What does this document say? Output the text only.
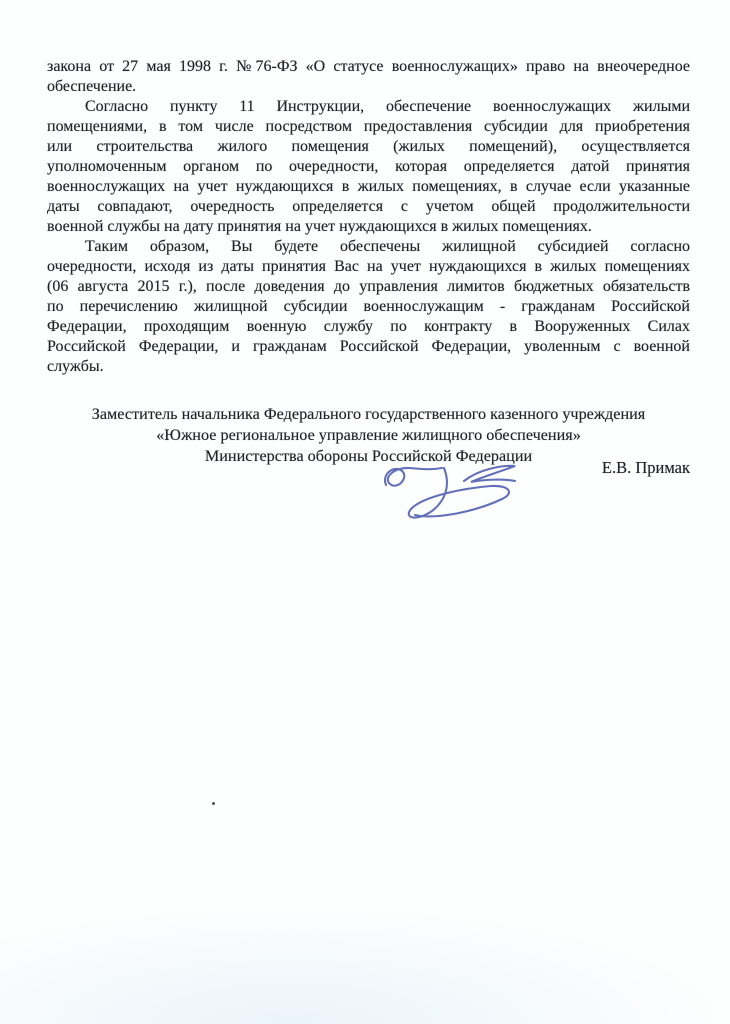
закона от 27 мая 1998 г. №76-ФЗ «О статусе военнослужащих» право на внеочередное
обеспечение.
Согласно пункту 11 Инструкции, обеспечение военнослужащих жилыми
помещениями, в том числе посредством предоставления субсидии для приобретения
или строительства жилого помещения (жилых помещений), осуществляется
уполномоченным органом по очередности, которая определяется датой принятия
военнослужащих на учет нуждающихся в жилых помещениях, в случае если указанные
даты совпадают, очередность определяется с учетом общей продолжительности
военной службы на дату принятия на учет нуждающихся в жилых помещениях.
Таким образом, Вы будете обеспечены жилищной субсидией согласно
очередности, исходя из даты принятия Вас на учет нуждающихся в жилых помещениях
(06 августа 2015 г.), после доведения до управления лимитов бюджетных обязательств
по перечислению жилищной субсидии военнослужащим - гражданам Российской
Федерации, проходящим военную службу по контракту в Вооруженных Силах
Российской Федерации, и гражданам Российской Федерации, уволенным с военной
службы.
Заместитель начальника Федерального государственного казенного учреждения
«Южное региональное управление жилищного обеспечения»
Министерства обороны Российской Федерации
Е.В. Примак
